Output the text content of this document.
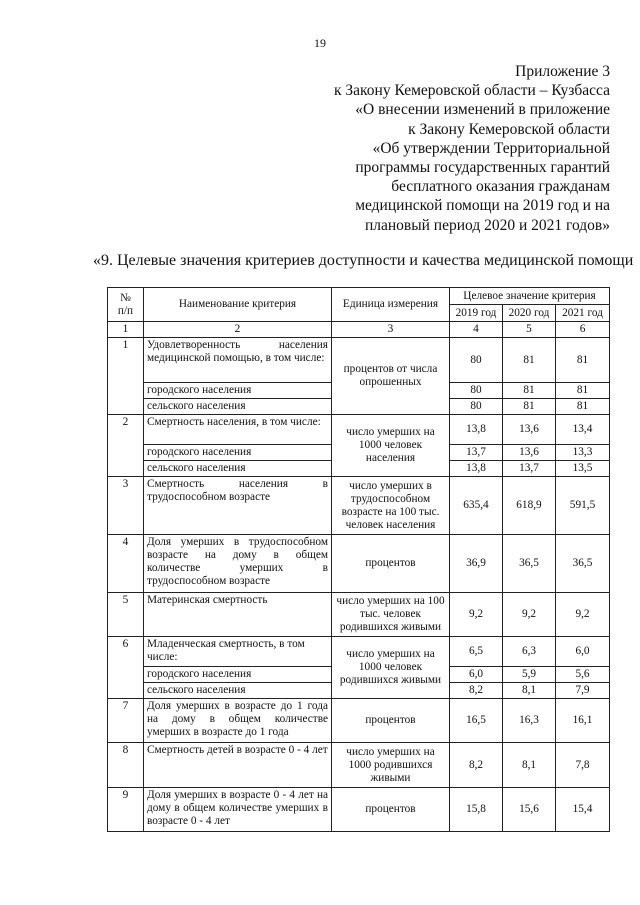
19
Приложение 3
к Закону Кемеровской области – Кузбасса
«О внесении изменений в приложение
к Закону Кемеровской области
«Об утверждении Территориальной
программы государственных гарантий
бесплатного оказания гражданам
медицинской помощи на 2019 год и на
плановый период 2020 и 2021 годов»
«9. Целевые значения критериев доступности и качества медицинской помощи
№
п/п	Наименование критерия	Единица измерения	Целевое значение критерия		
			2019 год	2020 год	2021 год
1	2	3	4	5	6
1	Удовлетворенность населения медицинской помощью, в том числе:	процентов от числа опрошенных	80	81	81
	городского населения		80	81	81
	сельского населения		80	81	81
2	Смертность населения, в том числе:	число умерших на 1000 человек населения	13,8	13,6	13,4
	городского населения		13,7	13,6	13,3
	сельского населения		13,8	13,7	13,5
3	Смертность населения в трудоспособном возрасте	число умерших в трудоспособном возрасте на 100 тыс. человек населения	635,4	618,9	591,5
4	Доля умерших в трудоспособном возрасте на дому в общем количестве умерших в трудоспособном возрасте	процентов	36,9	36,5	36,5
5	Материнская смертность	число умерших на 100 тыс. человек родившихся живыми	9,2	9,2	9,2
6	Младенческая смертность, в том числе:	число умерших на 1000 человек родившихся живыми	6,5	6,3	6,0
	городского населения		6,0	5,9	5,6
	сельского населения		8,2	8,1	7,9
7	Доля умерших в возрасте до 1 года на дому в общем количестве умерших в возрасте до 1 года	процентов	16,5	16,3	16,1
8	Смертность детей в возрасте 0 - 4 лет	число умерших на 1000 родившихся живыми	8,2	8,1	7,8
9	Доля умерших в возрасте 0 - 4 лет на дому в общем количестве умерших в возрасте 0 - 4 лет	процентов	15,8	15,6	15,4
